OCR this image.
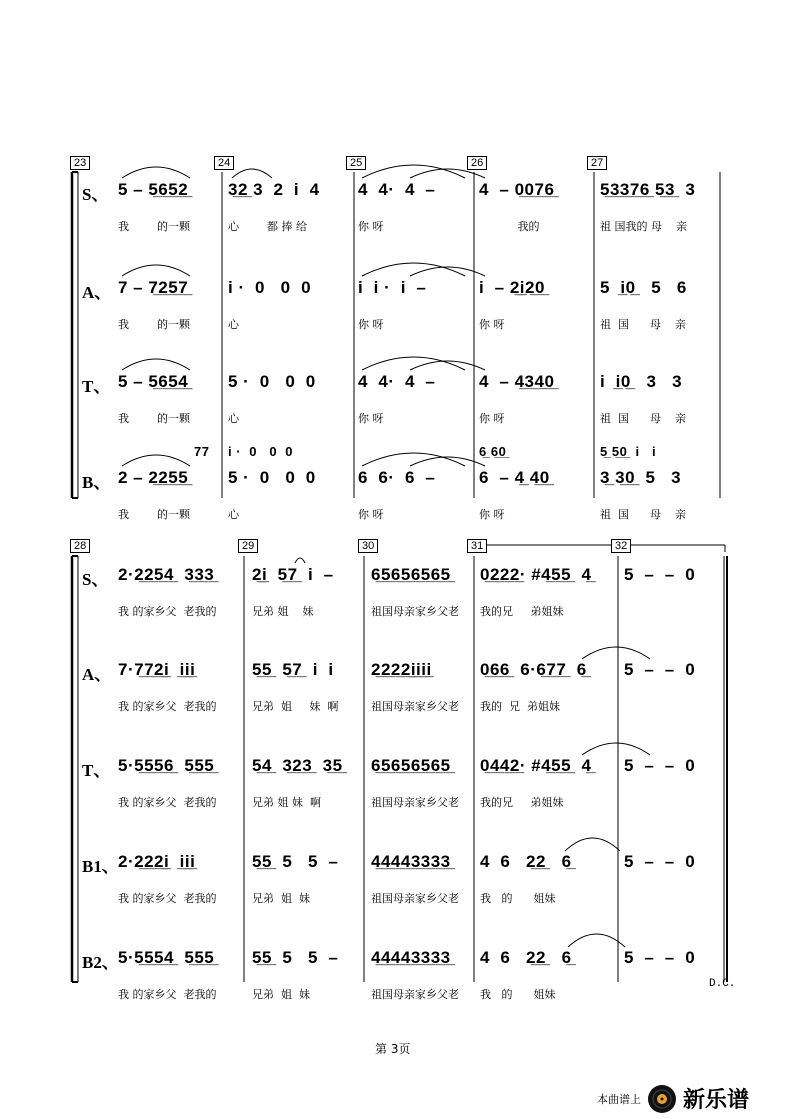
23	24	25	26	27
S、 5 – 5̲6̲5̲2̲ 3̲2̲ 3  2  i  4 4  4·  4  –	4  – 0̲0̲7̲6̲	5̲3̲3̲7̲6̲ 5̲3̲  3
我        的一颗	心        都 捧 给	你 呀	我的	祖 国我的 母    亲
A、 7 – 7̲2̲5̲7̲ i ·  0   0  0	i  i ·  i  –	i  – 2̲i̲2̲0̲	5  i̲0̲   5   6
我        的一颗	心	你 呀	你 呀	祖  国      母    亲
T、 5 – 5̲6̲5̲4̲ 5 ·  0   0  0 4  4·  4  –	4  – 4̲3̲4̲0̲	i  i̲0̲   3   3
我        的一颗	心	你 呀	你 呀	祖  国      母    亲
B、 2 – 2̲2̲5̲5̲ 5 ·  0   0  0 6  6·  6  –	6  – 4̲ 4̲0̲	3̲ 3̲0̲  5   3
77 i ·  0   0  0	6̲ 6̲0̲	5̲ 5̲0̲  i   i
我        的一颗	心	你 呀	你 呀	祖  国      母    亲
28	29	30	31	32
S、 2·2̲2̲5̲4̲  3̲3̲3̲ 2̲i̲  5̲7̲  i  – 6̲5̲6̲5̲6̲5̲6̲5̲ 0̲2̲2̲2̲· #4̲5̲5̲  4̲ 5  –  –  0
我 的家乡父  老我的	兄弟 姐    妹	祖国母亲家乡父老 我的兄     弟姐妹
A、 7·7̲7̲2̲i̲  i̲i̲i̲	5̲5̲  5̲7̲  i  i 2̲2̲2̲2̲i̲i̲i̲i̲	0̲6̲6̲  6·6̲7̲7̲  6̲ 5  –  –  0
我 的家乡父  老我的	兄弟  姐     妹  啊	祖国母亲家乡父老 我的  兄  弟姐妹
T、 5·5̲5̲5̲6̲  5̲5̲5̲ 5̲4̲  3̲2̲3̲  3̲5̲ 6̲5̲6̲5̲6̲5̲6̲5̲ 0̲4̲4̲2̲· #4̲5̲5̲  4̲ 5  –  –  0
我 的家乡父  老我的	兄弟 姐 妹  啊	祖国母亲家乡父老 我的兄     弟姐妹
B1、 2·2̲2̲2̲i̲  i̲i̲i̲	5̲5̲  5   5  – 4̲4̲4̲4̲3̲3̲3̲3̲ 4  6   2̲2̲   6̲	5  –  –  0
我 的家乡父  老我的	兄弟  姐  妹	祖国母亲家乡父老 我   的      姐妹
B2、 5·5̲5̲5̲4̲  5̲5̲5̲ 5̲5̲  5   5  – 4̲4̲4̲4̲3̲3̲3̲3̲ 4  6   2̲2̲   6̲	5  –  –  0
我 的家乡父  老我的	兄弟  姐  妹	祖国母亲家乡父老 我   的      姐妹
D.C.
第 3页
本曲谱上 新乐谱
